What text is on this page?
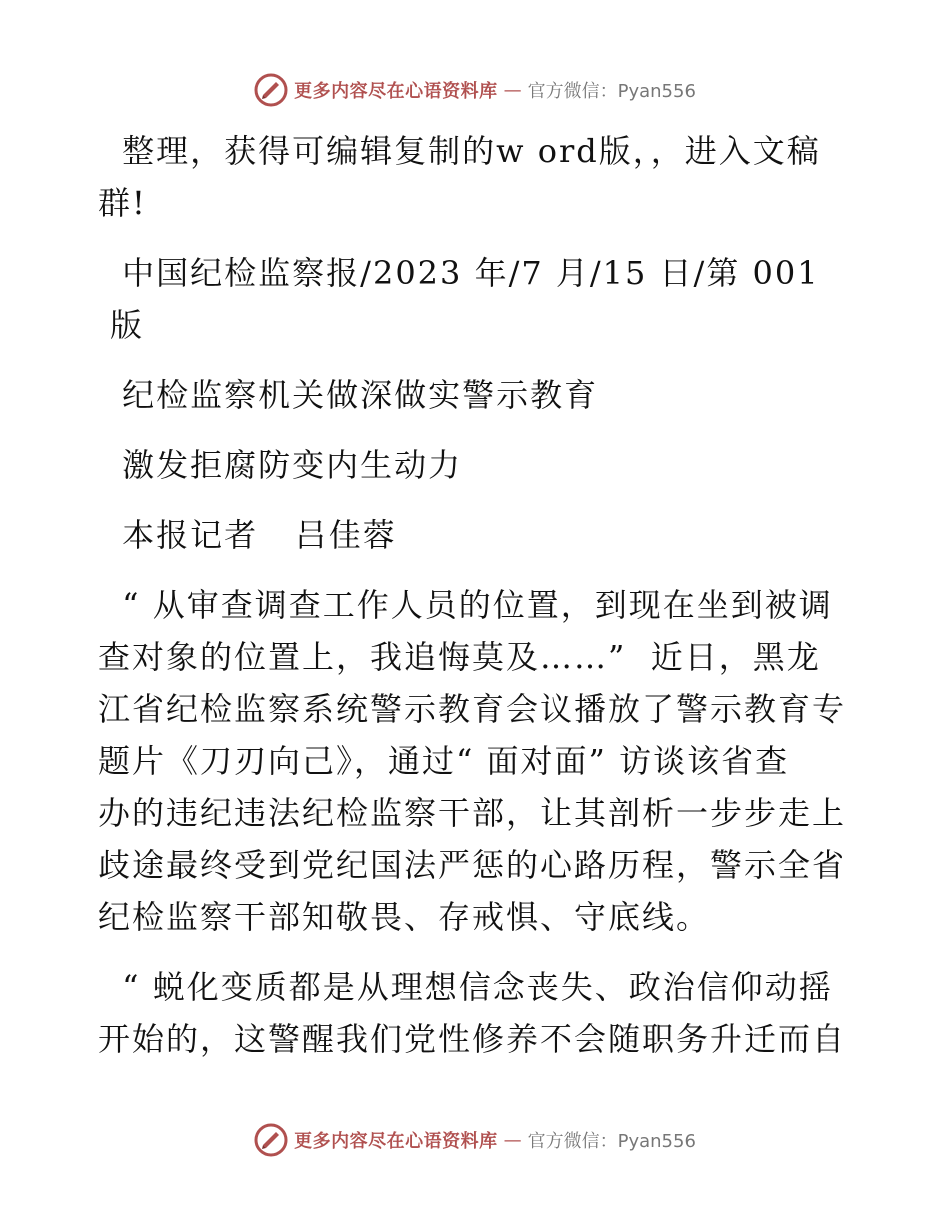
更多内容尽在心语资料库 — 官方微信：Pyan556

整理，获得可编辑复制的w ord版，，进入文稿

群!

中国纪检监察报/2023 年/7 月/15 日/第 001 版

纪检监察机关做深做实警示教育

激发拒腐防变内生动力

本报记者   吕佳蓉

“ 从审查调查工作人员的位置，到现在坐到被调

查对象的位置上，我追悔莫及……”  近日，黑龙

江省纪检监察系统警示教育会议播放了警示教育专

题片《刀刃向己》，通过“ 面对面” 访谈该省查

办的违纪违法纪检监察干部，让其剖析一步步走上

歧途最终受到党纪国法严惩的心路历程，警示全省

纪检监察干部知敬畏、存戒惧、守底线。

“ 蜕化变质都是从理想信念丧失、政治信仰动摇

开始的，这警醒我们党性修养不会随职务升迁而自

更多内容尽在心语资料库 — 官方微信：Pyan556
